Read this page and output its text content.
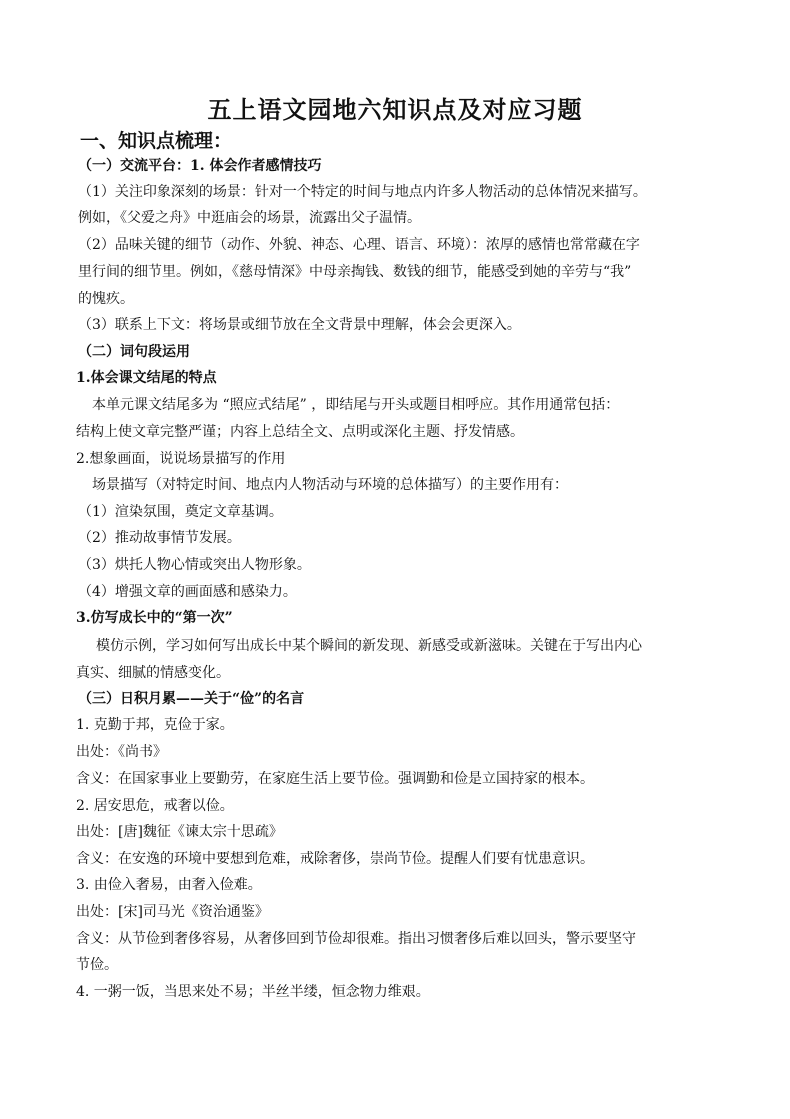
五上语文园地六知识点及对应习题
一、知识点梳理：
（一）交流平台：1. 体会作者感情技巧
（1）关注印象深刻的场景：针对一个特定的时间与地点内许多人物活动的总体情况来描写。
例如，《父爱之舟》中逛庙会的场景，流露出父子温情。
（2）品味关键的细节（动作、外貌、神态、心理、语言、环境）：浓厚的感情也常常藏在字
里行间的细节里。例如，《慈母情深》中母亲掏钱、数钱的细节，能感受到她的辛劳与“我”
的愧疚。
（3）联系上下文：将场景或细节放在全文背景中理解，体会会更深入。
（二）词句段运用
1.体会课文结尾的特点
本单元课文结尾多为 “照应式结尾” ，即结尾与开头或题目相呼应。其作用通常包括：
结构上使文章完整严谨；内容上总结全文、点明或深化主题、抒发情感。
2.想象画面，说说场景描写的作用
场景描写（对特定时间、地点内人物活动与环境的总体描写）的主要作用有：
（1）渲染氛围，奠定文章基调。
（2）推动故事情节发展。
（3）烘托人物心情或突出人物形象。
（4）增强文章的画面感和感染力。
3.仿写成长中的“第一次”
模仿示例，学习如何写出成长中某个瞬间的新发现、新感受或新滋味。关键在于写出内心
真实、细腻的情感变化。
（三）日积月累——关于“俭”的名言
1. 克勤于邦，克俭于家。
出处：《尚书》
含义：在国家事业上要勤劳，在家庭生活上要节俭。强调勤和俭是立国持家的根本。
2. 居安思危，戒奢以俭。
出处：[唐]魏征《谏太宗十思疏》
含义：在安逸的环境中要想到危难，戒除奢侈，崇尚节俭。提醒人们要有忧患意识。
3. 由俭入奢易，由奢入俭难。
出处：[宋]司马光《资治通鉴》
含义：从节俭到奢侈容易，从奢侈回到节俭却很难。指出习惯奢侈后难以回头，警示要坚守
节俭。
4. 一粥一饭，当思来处不易；半丝半缕，恒念物力维艰。
